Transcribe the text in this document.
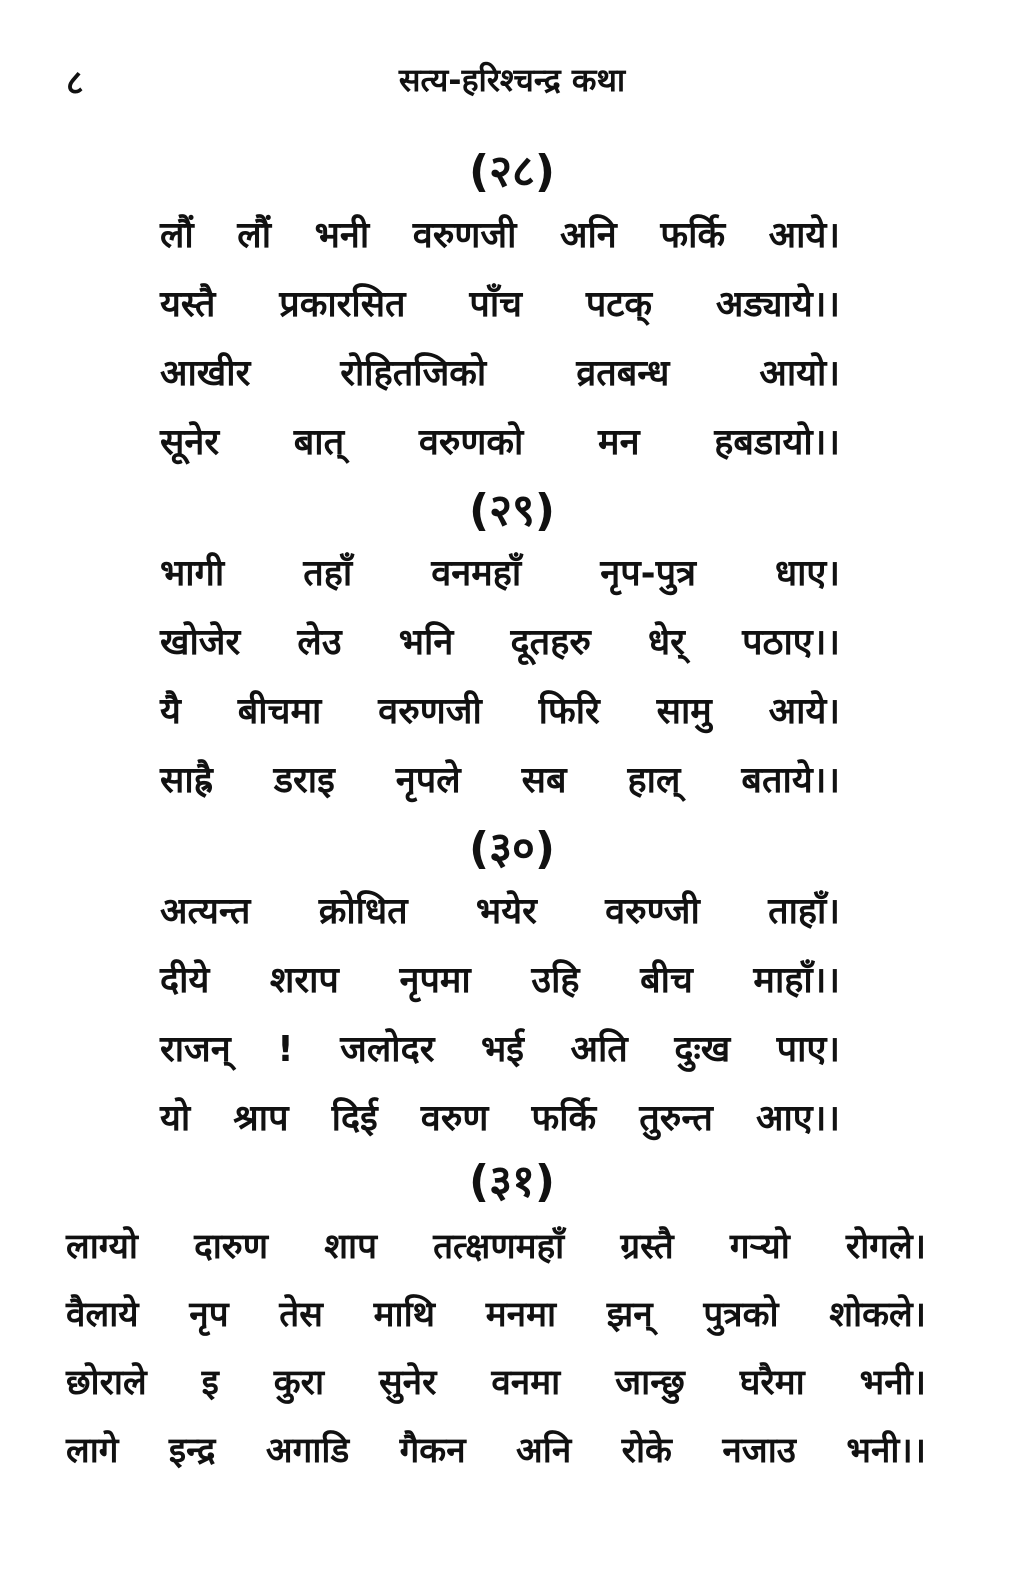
८	सत्य-हरिश्चन्द्र कथा
(२८)
लौं लौं भनी वरुणजी अनि फर्कि आये।
यस्तै प्रकारसित पाँच पटक् अड्याये।।
आखीर रोहितजिको व्रतबन्ध आयो।
सूनेर बात् वरुणको मन हबडायो।।
(२९)
भागी तहाँ वनमहाँ नृप-पुत्र धाए।
खोजेर लेउ भनि दूतहरु धेर् पठाए।।
यै बीचमा वरुणजी फिरि सामु आये।
साह्रै डराइ नृपले सब हाल् बताये।।
(३०)
अत्यन्त क्रोधित भयेर वरुण्जी ताहाँ।
दीये शराप नृपमा उहि बीच माहाँ।।
राजन् ! जलोदर भई अति दुःख पाए।
यो श्राप दिई वरुण फर्कि तुरुन्त आए।।
(३१)
लाग्यो दारुण शाप तत्क्षणमहाँ ग्रस्तै गर्‍यो रोगले।
वैलाये नृप तेस माथि मनमा झन् पुत्रको शोकले।
छोराले इ कुरा सुनेर वनमा जान्छु घरैमा भनी।
लागे इन्द्र अगाडि गैकन अनि रोके नजाउ भनी।।
